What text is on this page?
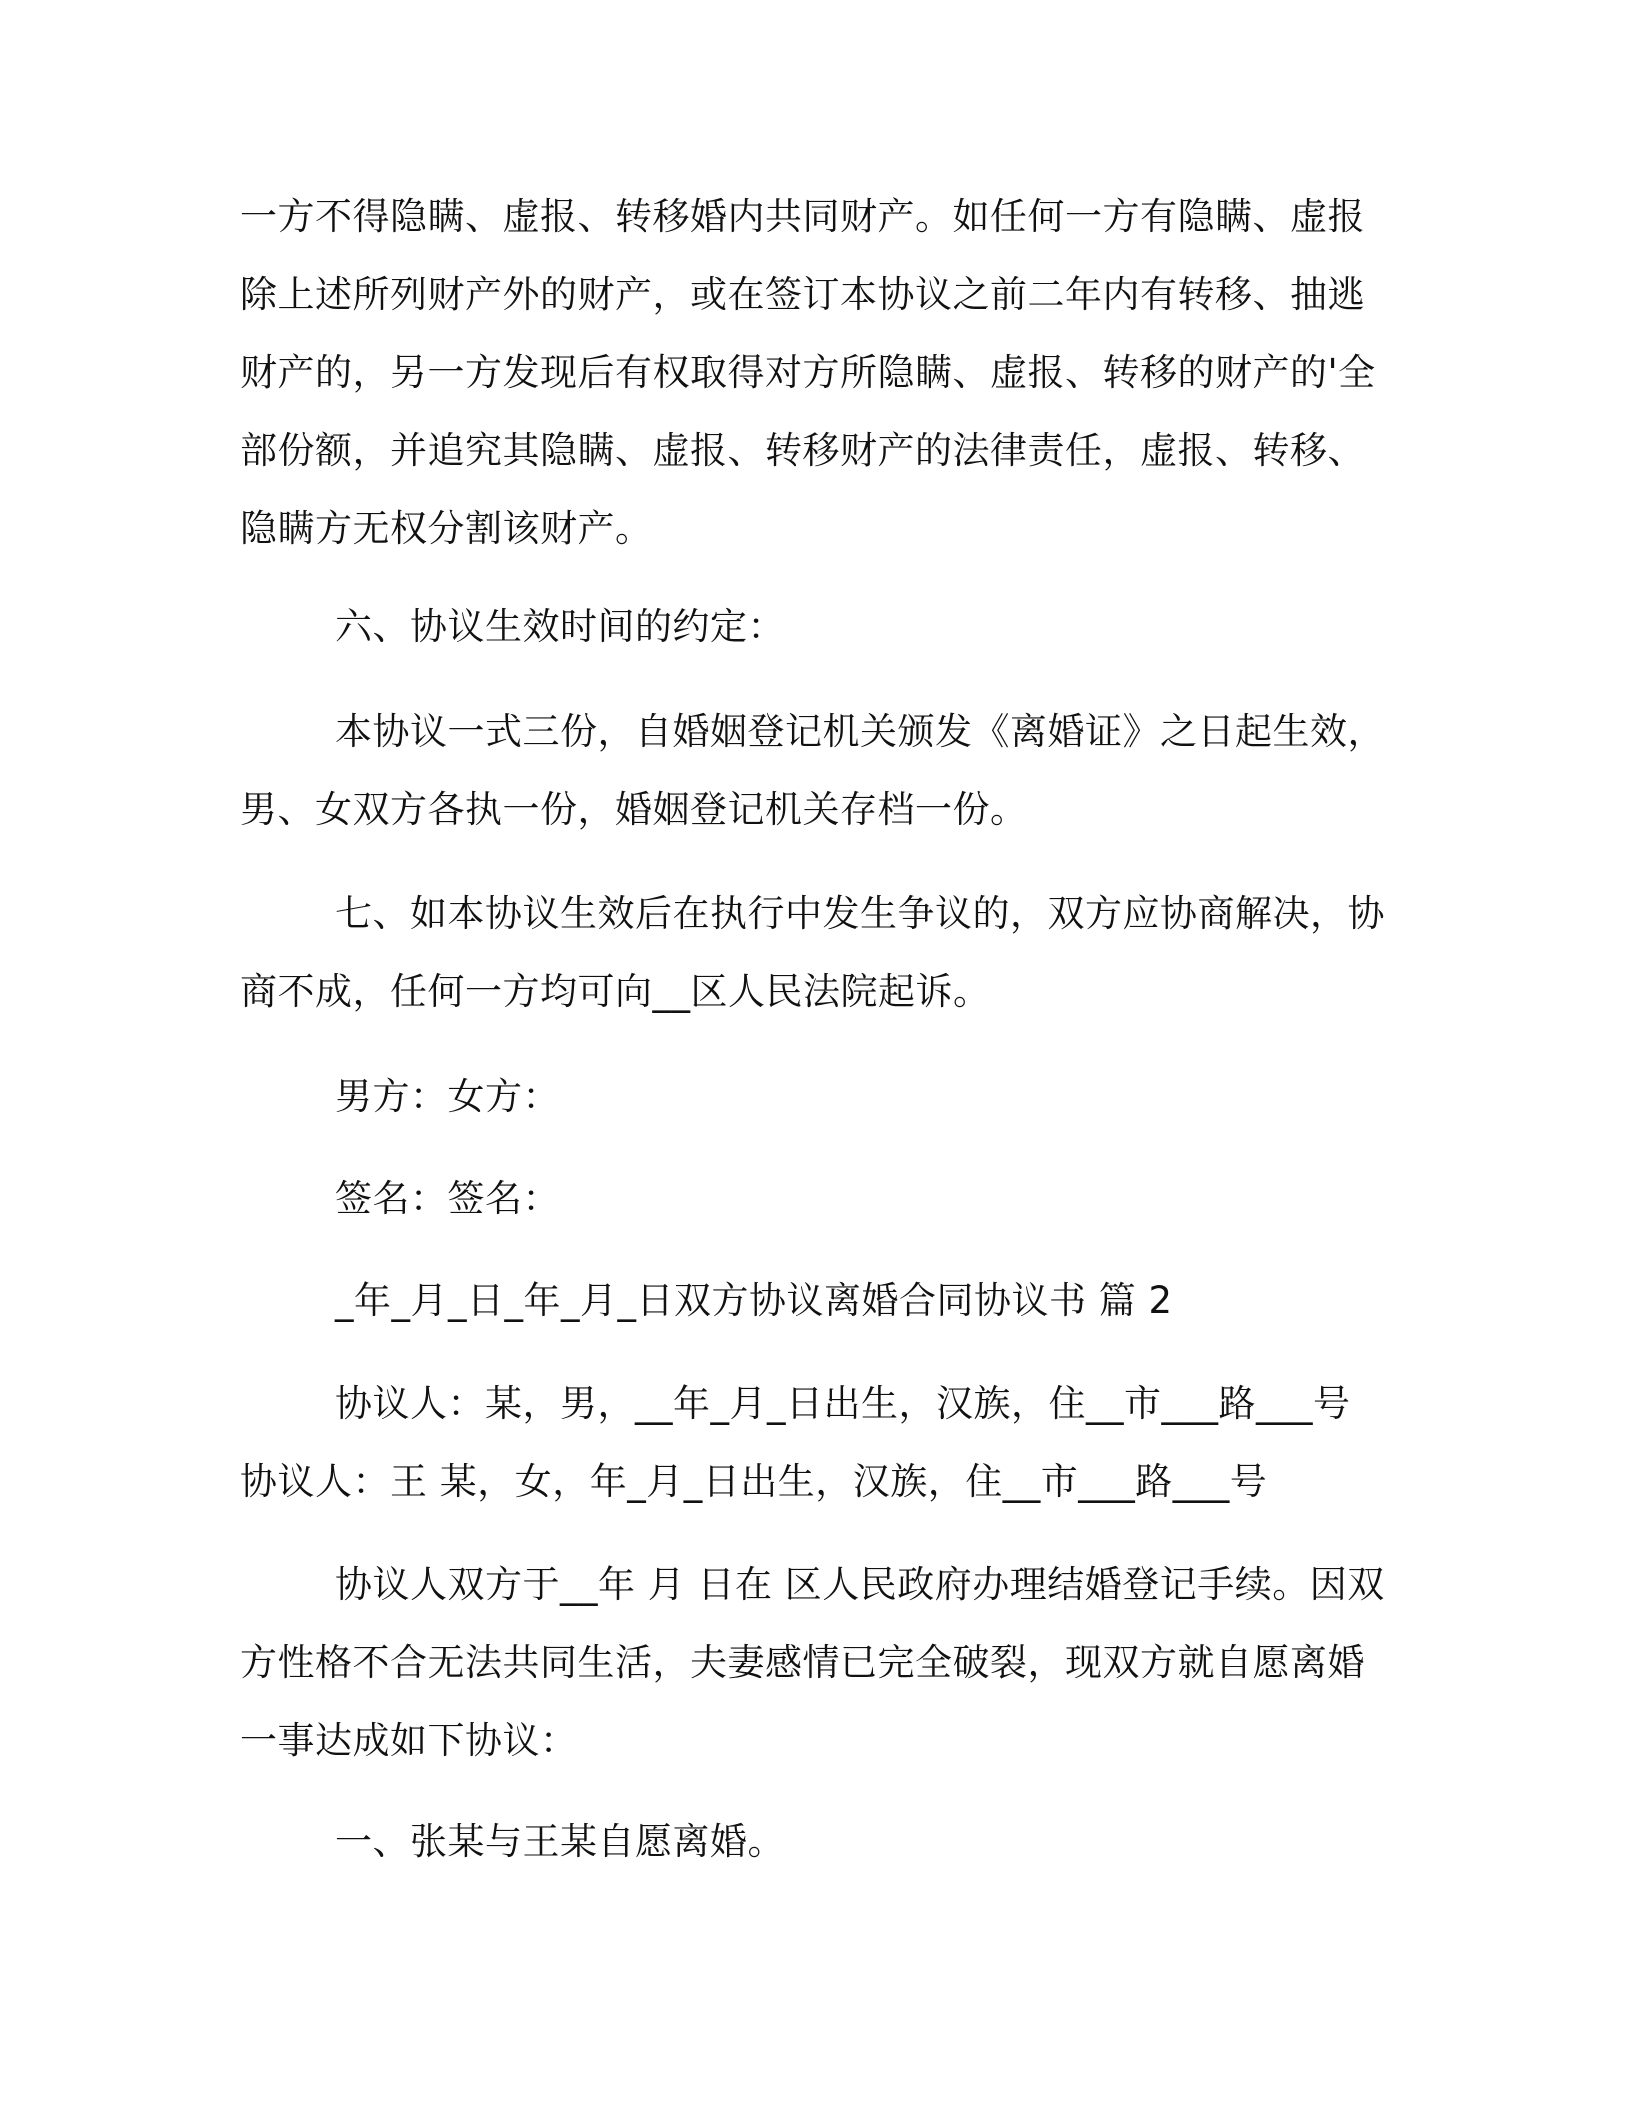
一方不得隐瞒、虚报、转移婚内共同财产。如任何一方有隐瞒、虚报
除上述所列财产外的财产，或在签订本协议之前二年内有转移、抽逃
财产的，另一方发现后有权取得对方所隐瞒、虚报、转移的财产的'全
部份额，并追究其隐瞒、虚报、转移财产的法律责任，虚报、转移、
隐瞒方无权分割该财产。

六、协议生效时间的约定：

本协议一式三份，自婚姻登记机关颁发《离婚证》之日起生效，
男、女双方各执一份，婚姻登记机关存档一份。

七、如本协议生效后在执行中发生争议的，双方应协商解决，协
商不成，任何一方均可向__区人民法院起诉。

男方：女方：

签名：签名：

_年_月_日_年_月_日双方协议离婚合同协议书 篇 2

协议人：某，男，__年_月_日出生，汉族，住__市___路___号
协议人：王 某，女，年_月_日出生，汉族，住__市___路___号

协议人双方于__年 月 日在 区人民政府办理结婚登记手续。因双
方性格不合无法共同生活，夫妻感情已完全破裂，现双方就自愿离婚
一事达成如下协议：

一、张某与王某自愿离婚。
